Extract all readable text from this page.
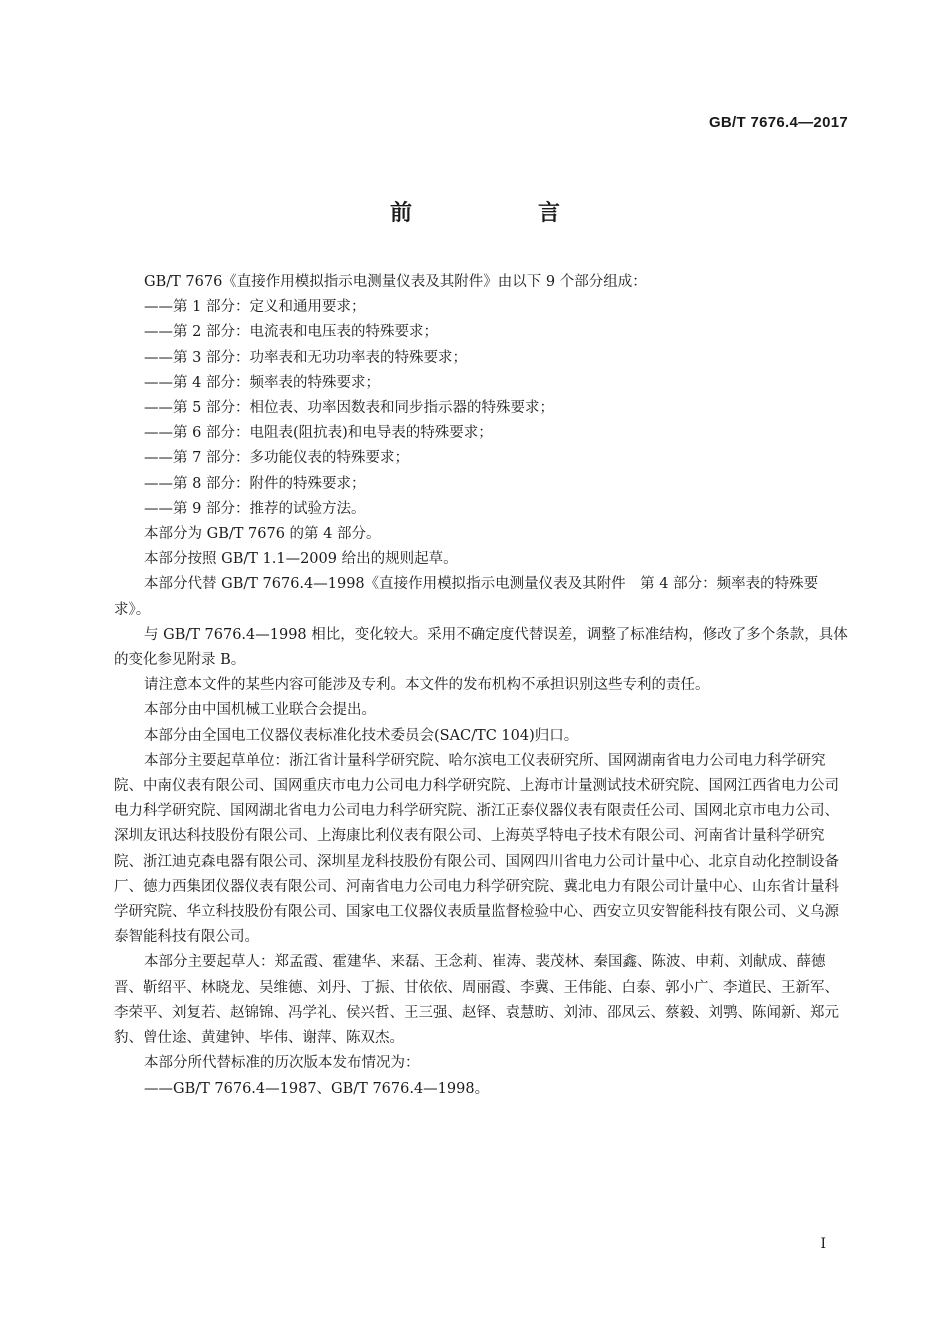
GB/T 7676.4—2017
前　言

GB/T 7676《直接作用模拟指示电测量仪表及其附件》由以下 9 个部分组成：

——第 1 部分：定义和通用要求；

——第 2 部分：电流表和电压表的特殊要求；

——第 3 部分：功率表和无功功率表的特殊要求；

——第 4 部分：频率表的特殊要求；

——第 5 部分：相位表、功率因数表和同步指示器的特殊要求；

——第 6 部分：电阻表(阻抗表)和电导表的特殊要求；

——第 7 部分：多功能仪表的特殊要求；

——第 8 部分：附件的特殊要求；

——第 9 部分：推荐的试验方法。

本部分为 GB/T 7676 的第 4 部分。

本部分按照 GB/T 1.1—2009 给出的规则起草。

本部分代替 GB/T 7676.4—1998《直接作用模拟指示电测量仪表及其附件　第 4 部分：频率表的特殊要求》。

与 GB/T 7676.4—1998 相比，变化较大。采用不确定度代替误差，调整了标准结构，修改了多个条款，具体的变化参见附录 B。

请注意本文件的某些内容可能涉及专利。本文件的发布机构不承担识别这些专利的责任。

本部分由中国机械工业联合会提出。

本部分由全国电工仪器仪表标准化技术委员会(SAC/TC 104)归口。

本部分主要起草单位：浙江省计量科学研究院、哈尔滨电工仪表研究所、国网湖南省电力公司电力科学研究院、中南仪表有限公司、国网重庆市电力公司电力科学研究院、上海市计量测试技术研究院、国网江西省电力公司电力科学研究院、国网湖北省电力公司电力科学研究院、浙江正泰仪器仪表有限责任公司、国网北京市电力公司、深圳友讯达科技股份有限公司、上海康比利仪表有限公司、上海英孚特电子技术有限公司、河南省计量科学研究院、浙江迪克森电器有限公司、深圳星龙科技股份有限公司、国网四川省电力公司计量中心、北京自动化控制设备厂、德力西集团仪器仪表有限公司、河南省电力公司电力科学研究院、冀北电力有限公司计量中心、山东省计量科学研究院、华立科技股份有限公司、国家电工仪器仪表质量监督检验中心、西安立贝安智能科技有限公司、义乌源泰智能科技有限公司。

本部分主要起草人：郑孟霞、霍建华、来磊、王念莉、崔涛、裴茂林、秦国鑫、陈波、申莉、刘献成、薛德晋、靳绍平、林晓龙、吴维德、刘丹、丁振、甘依依、周丽霞、李冀、王伟能、白泰、郭小广、李道民、王新军、李荣平、刘复若、赵锦锦、冯学礼、侯兴哲、王三强、赵铎、袁慧昉、刘沛、邵凤云、蔡毅、刘鹗、陈闻新、郑元豹、曾仕途、黄建钟、毕伟、谢萍、陈双杰。

本部分所代替标准的历次版本发布情况为：

——GB/T 7676.4—1987、GB/T 7676.4—1998。

I
